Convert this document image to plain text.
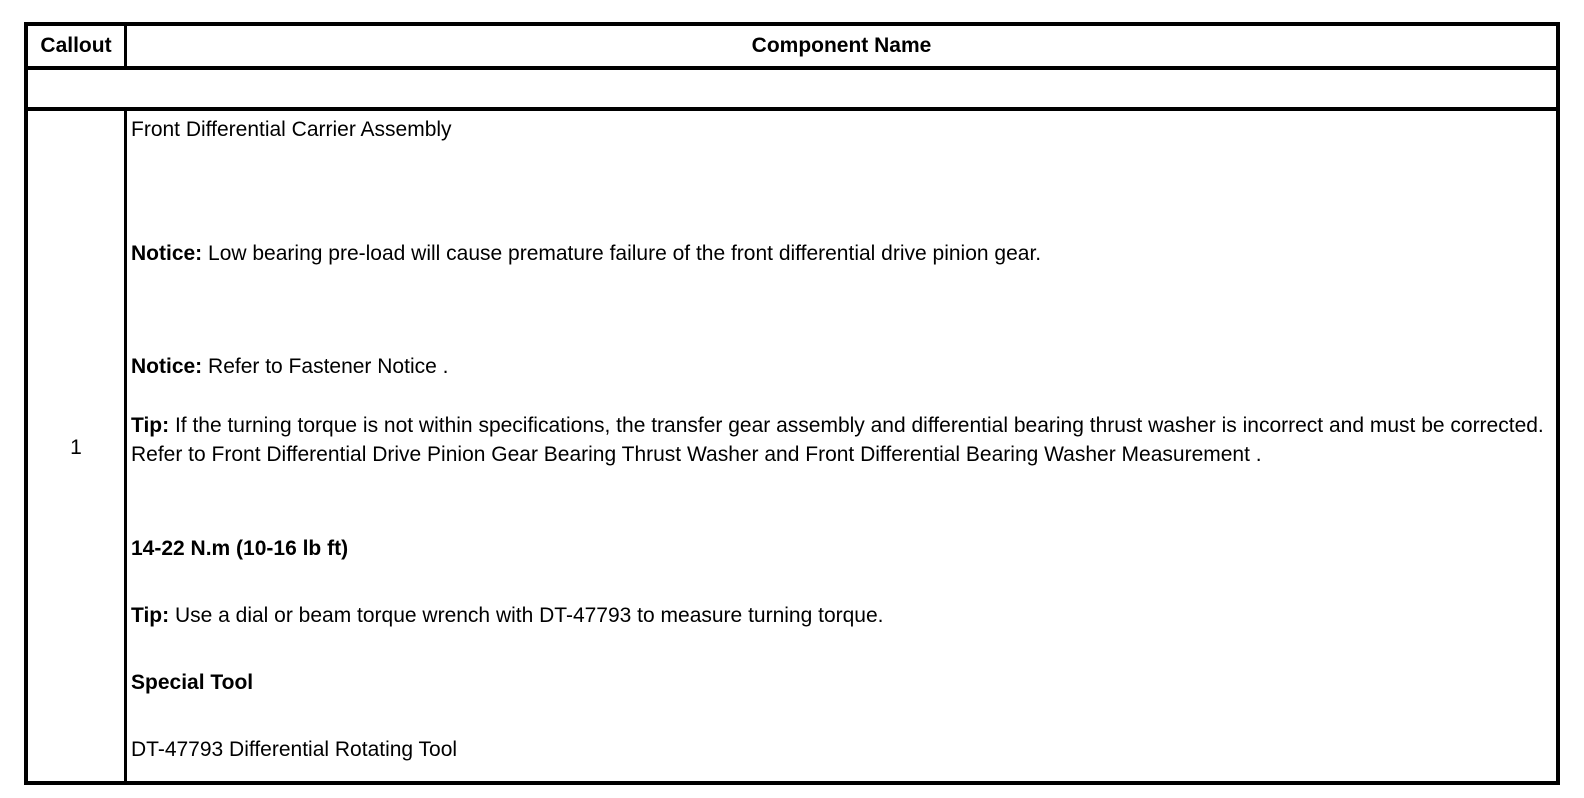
Callout	Component Name
1
Front Differential Carrier Assembly
Notice: Low bearing pre-load will cause premature failure of the front differential drive pinion gear.
Notice: Refer to Fastener Notice .
Tip: If the turning torque is not within specifications, the transfer gear assembly and differential bearing thrust washer is incorrect and must be corrected. Refer to Front Differential Drive Pinion Gear Bearing Thrust Washer and Front Differential Bearing Washer Measurement .
14-22 N.m (10-16 lb ft)
Tip: Use a dial or beam torque wrench with DT-47793 to measure turning torque.
Special Tool
DT-47793 Differential Rotating Tool
